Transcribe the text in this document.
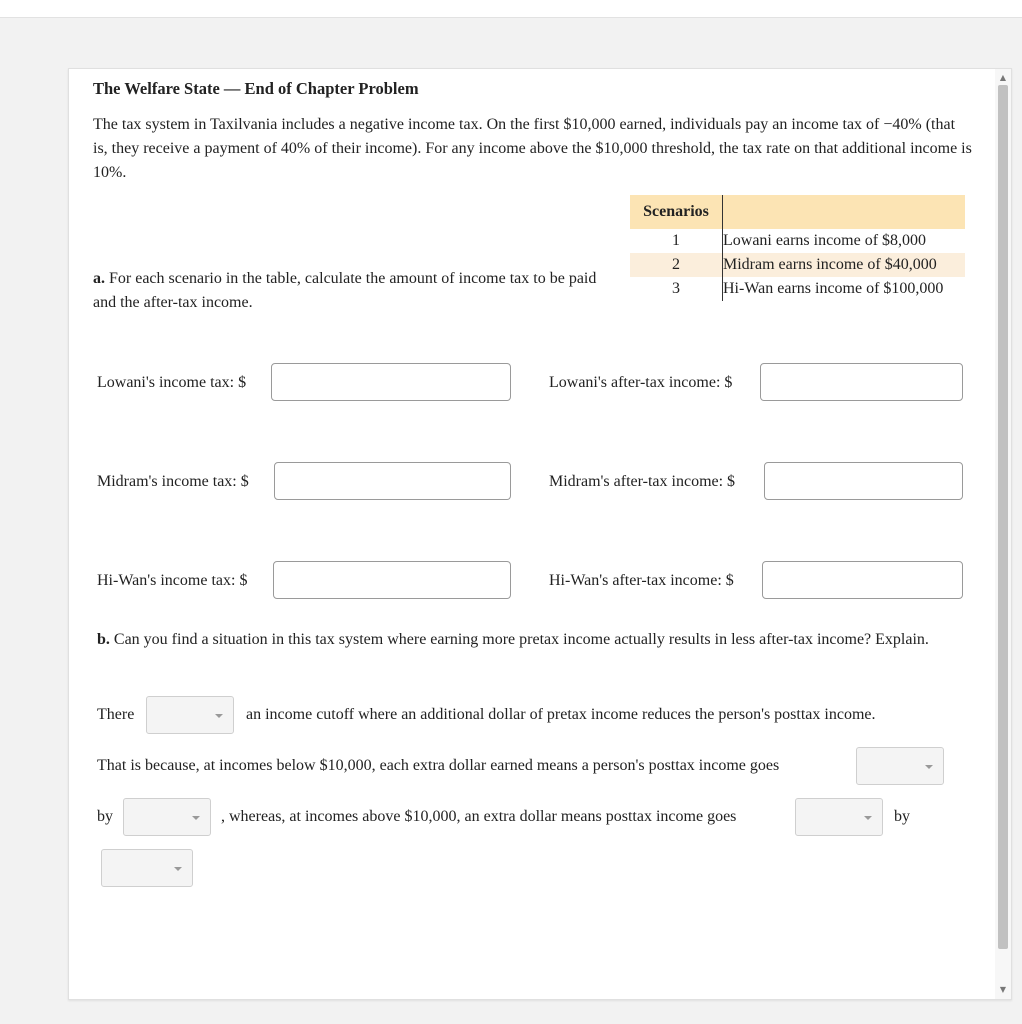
The Welfare State — End of Chapter Problem
The tax system in Taxilvania includes a negative income tax. On the first $10,000 earned, individuals pay an income tax of −40% (that is, they receive a payment of 40% of their income). For any income above the $10,000 threshold, the tax rate on that additional income is 10%.
Scenarios	
1	Lowani earns income of $8,000
2	Midram earns income of $40,000
3	Hi-Wan earns income of $100,000
a. For each scenario in the table, calculate the amount of income tax to be paid and the after-tax income.
Lowani's income tax: $	Lowani's after-tax income: $
Midram's income tax: $	Midram's after-tax income: $
Hi-Wan's income tax: $	Hi-Wan's after-tax income: $
b. Can you find a situation in this tax system where earning more pretax income actually results in less after-tax income? Explain.
There	an income cutoff where an additional dollar of pretax income reduces the person's posttax income.
That is because, at incomes below $10,000, each extra dollar earned means a person's posttax income goes
by	, whereas, at incomes above $10,000, an extra dollar means posttax income goes	by
▲
▼
